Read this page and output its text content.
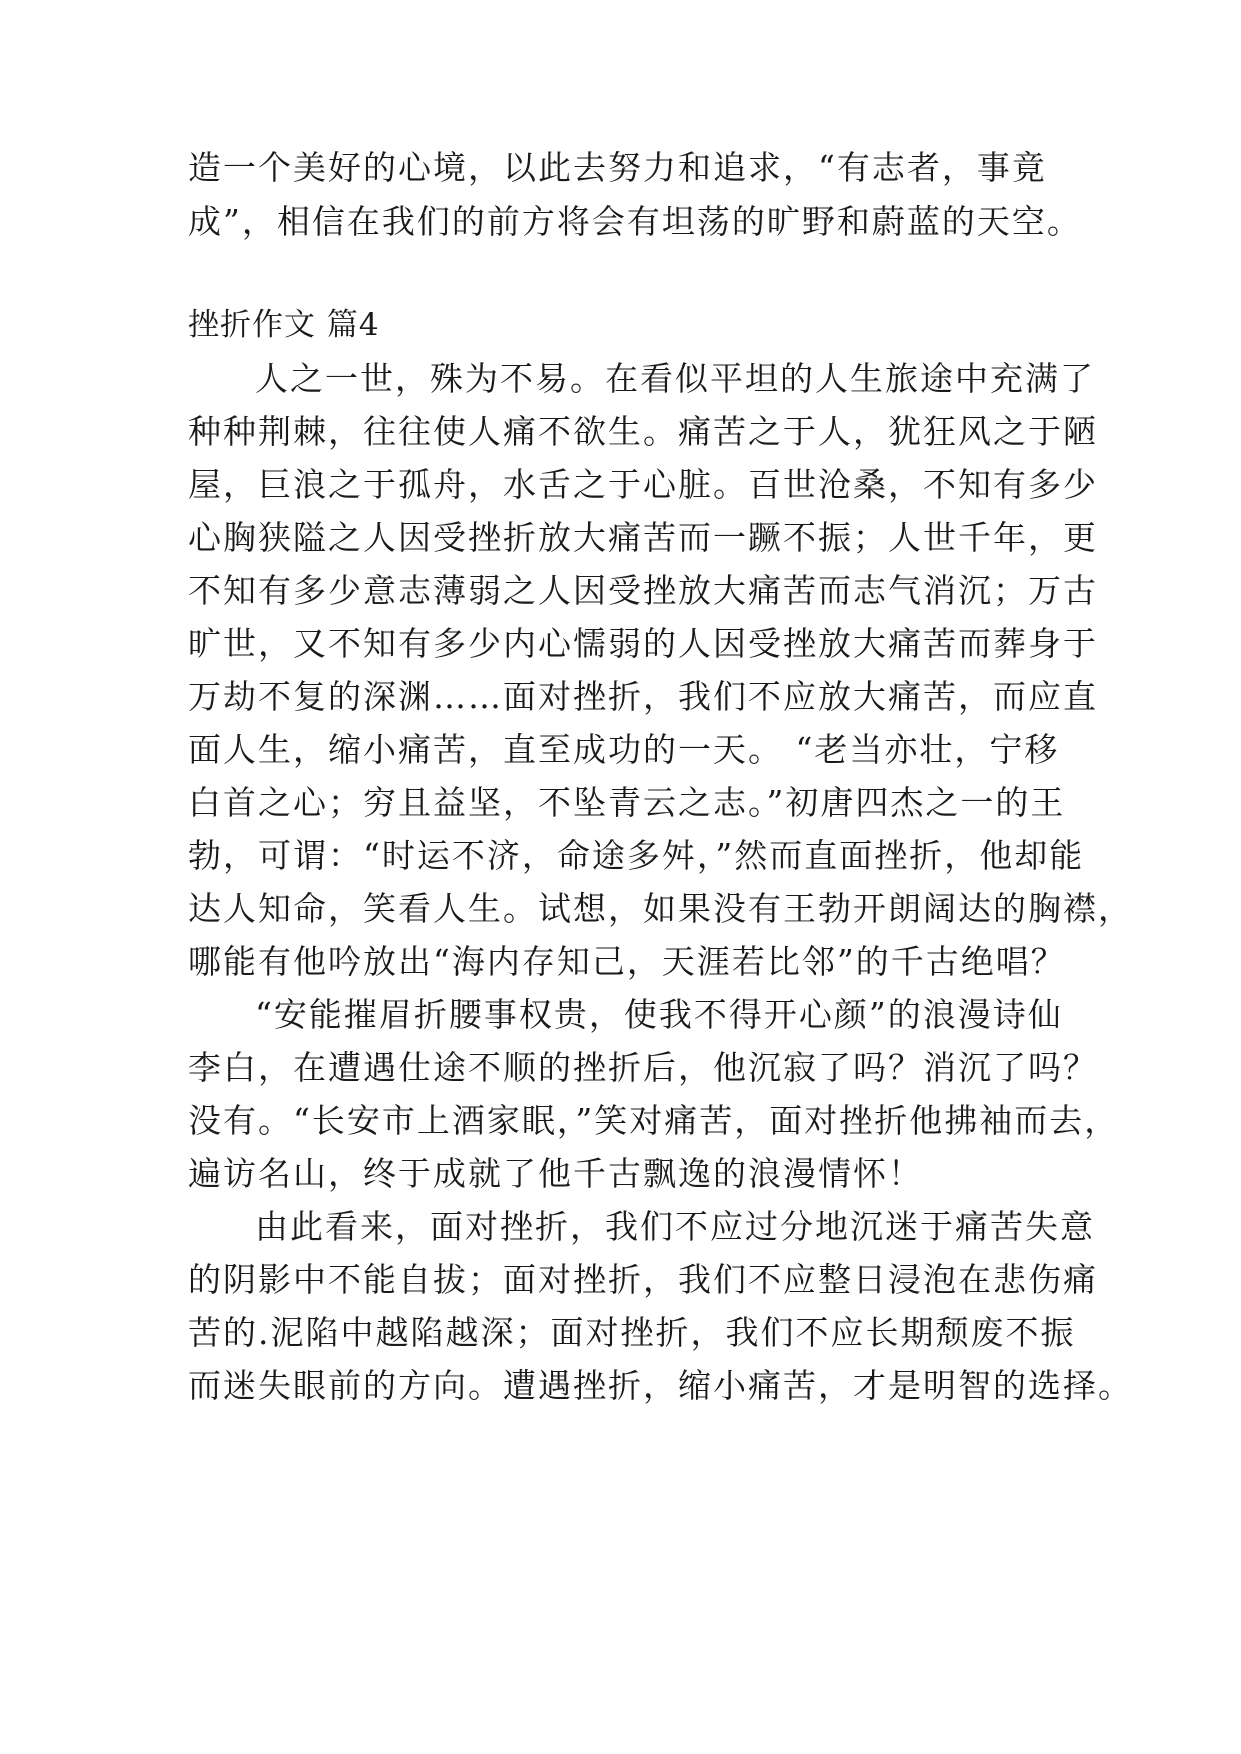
造一个美好的心境，以此去努力和追求，“有志者，事竟
成”，相信在我们的前方将会有坦荡的旷野和蔚蓝的天空。
挫折作文 篇4
人之一世，殊为不易。在看似平坦的人生旅途中充满了
种种荆棘，往往使人痛不欲生。痛苦之于人，犹狂风之于陋
屋，巨浪之于孤舟，水舌之于心脏。百世沧桑，不知有多少
心胸狭隘之人因受挫折放大痛苦而一蹶不振；人世千年，更
不知有多少意志薄弱之人因受挫放大痛苦而志气消沉；万古
旷世，又不知有多少内心懦弱的人因受挫放大痛苦而葬身于
万劫不复的深渊……面对挫折，我们不应放大痛苦，而应直
面人生，缩小痛苦，直至成功的一天。 “老当亦壮，宁移
白首之心；穷且益坚，不坠青云之志。”初唐四杰之一的王
勃，可谓：“时运不济，命途多舛，”然而直面挫折，他却能
达人知命，笑看人生。试想，如果没有王勃开朗阔达的胸襟，
哪能有他吟放出“海内存知己，天涯若比邻”的千古绝唱？
“安能摧眉折腰事权贵，使我不得开心颜”的浪漫诗仙
李白，在遭遇仕途不顺的挫折后，他沉寂了吗？消沉了吗？
没有。“长安市上酒家眠，”笑对痛苦，面对挫折他拂袖而去，
遍访名山，终于成就了他千古飘逸的浪漫情怀！
由此看来，面对挫折，我们不应过分地沉迷于痛苦失意
的阴影中不能自拔；面对挫折，我们不应整日浸泡在悲伤痛
苦的.泥陷中越陷越深；面对挫折，我们不应长期颓废不振
而迷失眼前的方向。遭遇挫折，缩小痛苦，才是明智的选择。
